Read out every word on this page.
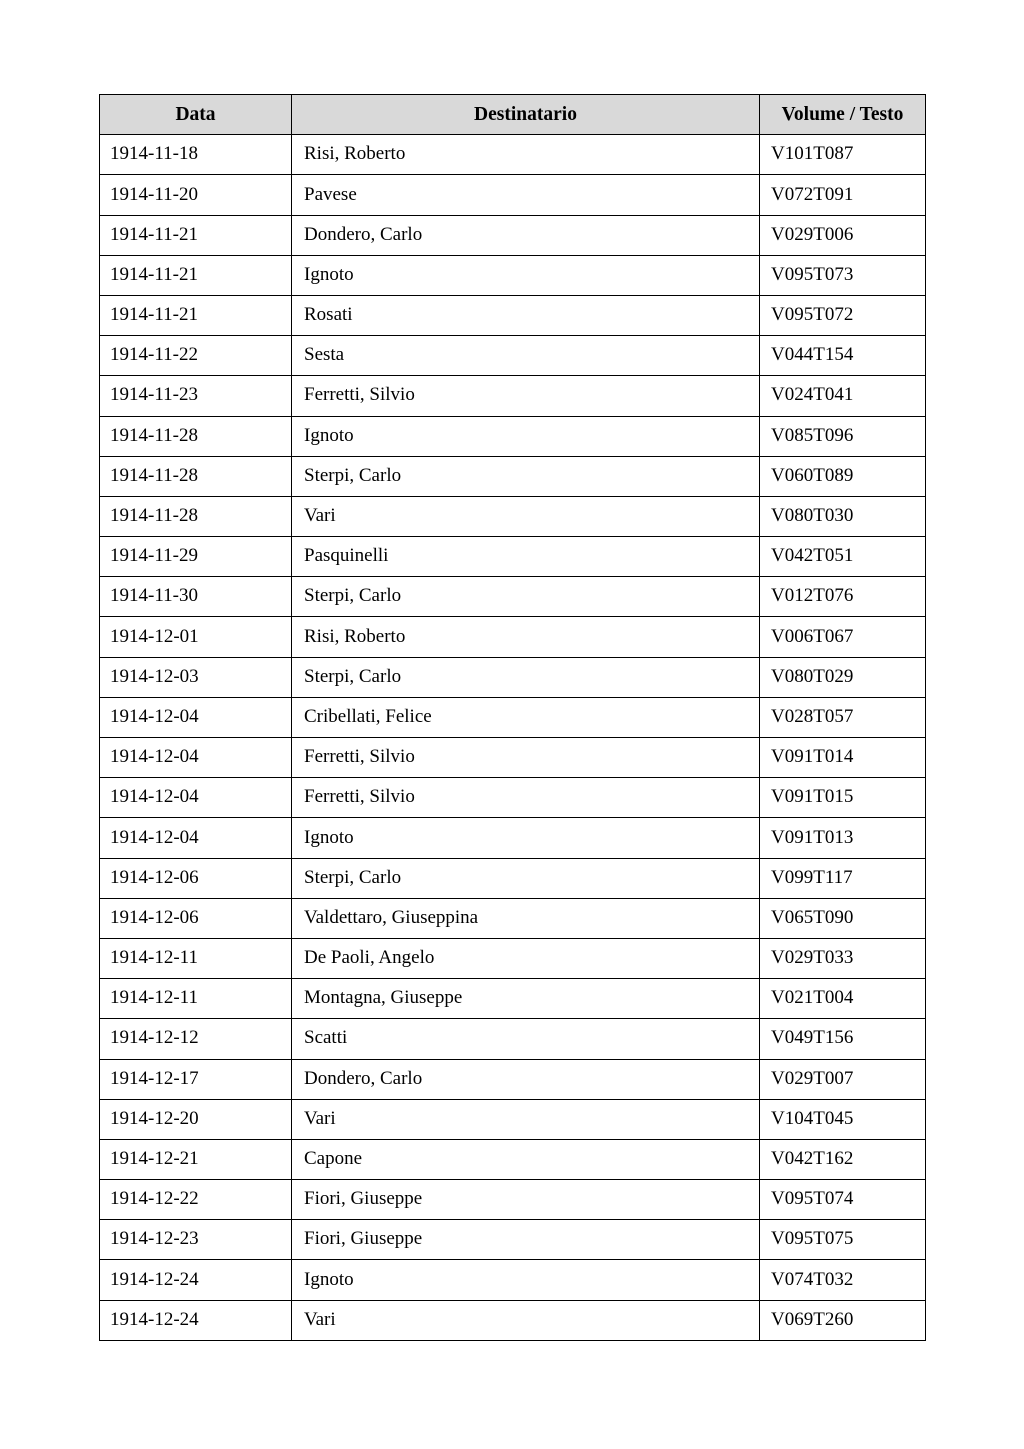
Data	Destinatario	Volume / Testo
1914-11-18	Risi, Roberto	V101T087
1914-11-20	Pavese	V072T091
1914-11-21	Dondero, Carlo	V029T006
1914-11-21	Ignoto	V095T073
1914-11-21	Rosati	V095T072
1914-11-22	Sesta	V044T154
1914-11-23	Ferretti, Silvio	V024T041
1914-11-28	Ignoto	V085T096
1914-11-28	Sterpi, Carlo	V060T089
1914-11-28	Vari	V080T030
1914-11-29	Pasquinelli	V042T051
1914-11-30	Sterpi, Carlo	V012T076
1914-12-01	Risi, Roberto	V006T067
1914-12-03	Sterpi, Carlo	V080T029
1914-12-04	Cribellati, Felice	V028T057
1914-12-04	Ferretti, Silvio	V091T014
1914-12-04	Ferretti, Silvio	V091T015
1914-12-04	Ignoto	V091T013
1914-12-06	Sterpi, Carlo	V099T117
1914-12-06	Valdettaro, Giuseppina	V065T090
1914-12-11	De Paoli, Angelo	V029T033
1914-12-11	Montagna, Giuseppe	V021T004
1914-12-12	Scatti	V049T156
1914-12-17	Dondero, Carlo	V029T007
1914-12-20	Vari	V104T045
1914-12-21	Capone	V042T162
1914-12-22	Fiori, Giuseppe	V095T074
1914-12-23	Fiori, Giuseppe	V095T075
1914-12-24	Ignoto	V074T032
1914-12-24	Vari	V069T260
